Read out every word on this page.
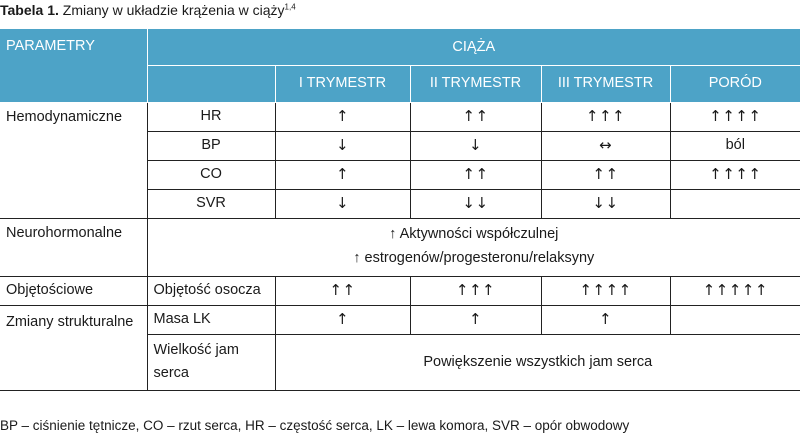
Tabela 1. Zmiany w układzie krążenia w ciąży$^{1,4}$
PARAMETRY	CIĄŻA				
		I TRYMESTR	II TRYMESTR	III TRYMESTR	PORÓD
Hemodynamiczne	HR	↑	↑↑	↑↑↑	↑↑↑↑
	BP	↓	↓	↔	ból
	CO	↑	↑↑	↑↑	↑↑↑↑
	SVR	↓	↓↓	↓↓	
Neurohormonalne	↑ Aktywności współczulnej
↑ estrogenów/progesteronu/relaksyny				

Objętościowe	Objętość osocza	↑↑	↑↑↑	↑↑↑↑	↑↑↑↑↑
Zmiany strukturalne	Masa LK	↑	↑	↑	
	Wielkość jam serca	Powiększenie wszystkich jam serca			
BP – ciśnienie tętnicze, CO – rzut serca, HR – częstość serca, LK – lewa komora, SVR – opór obwodowy
